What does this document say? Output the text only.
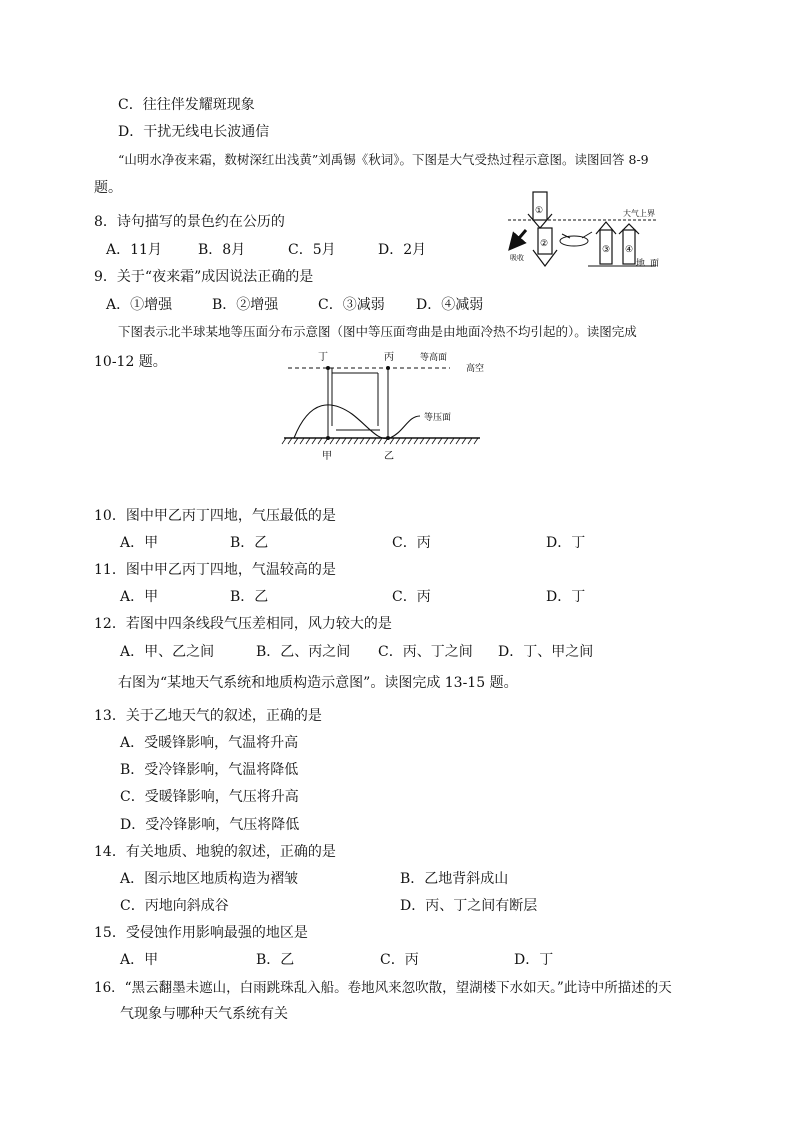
C．往往伴发耀斑现象
D．干扰无线电长波通信
“山明水净夜来霜，数树深红出浅黄”刘禹锡《秋词》。下图是大气受热过程示意图。读图回答 8-9
题。
8．诗句描写的景色约在公历的
A．11月	B．8月	C．5月	D．2月
9．关于“夜来霜”成因说法正确的是
A．①增强	B．②增强	C．③减弱 D．④减弱
大气上界
①
吸收
②
③ ④
地 面
下图表示北半球某地等压面分布示意图（图中等压面弯曲是由地面冷热不均引起的）。读图完成
10-12 题。	丁	丙	等高面
高空
等压面
甲	乙
10．图中甲乙丙丁四地，气压最低的是
A．甲	B．乙	C．丙	D．丁
11．图中甲乙丙丁四地，气温较高的是
A．甲	B．乙	C．丙	D．丁
12．若图中四条线段气压差相同，风力较大的是
A．甲、乙之间	B．乙、丙之间 C．丙、丁之间 D．丁、甲之间
右图为“某地天气系统和地质构造示意图”。读图完成 13-15 题。
13．关于乙地天气的叙述，正确的是
A．受暖锋影响，气温将升高
B．受冷锋影响，气温将降低
C．受暖锋影响，气压将升高
D．受冷锋影响，气压将降低
14．有关地质、地貌的叙述，正确的是
A．图示地区地质构造为褶皱	B．乙地背斜成山
C．丙地向斜成谷	D．丙、丁之间有断层
15．受侵蚀作用影响最强的地区是
A．甲	B．乙	C．丙	D．丁
16．“黑云翻墨未遮山，白雨跳珠乱入船。卷地风来忽吹散，望湖楼下水如天。”此诗中所描述的天
气现象与哪种天气系统有关
